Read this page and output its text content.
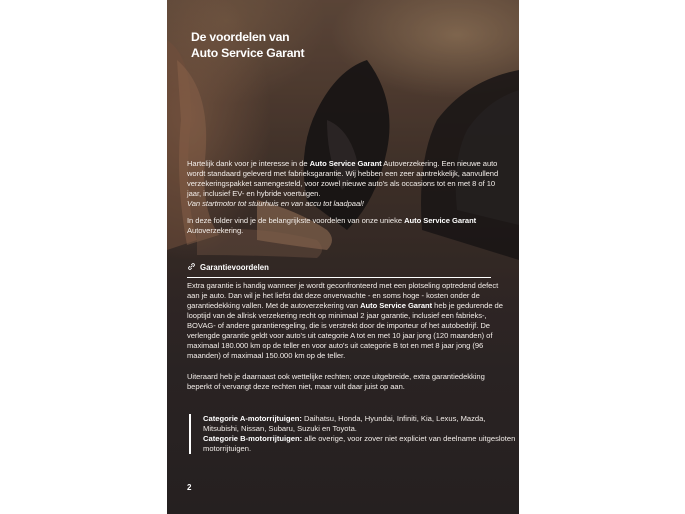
De voordelen van
Auto Service Garant

Hartelijk dank voor je interesse in de Auto Service Garant Autoverzekering. Een nieuwe auto wordt standaard geleverd met fabrieksgarantie. Wij hebben een zeer aantrekkelijk, aanvullend verzekeringspakket samengesteld, voor zowel nieuwe auto's als occasions tot en met 8 of 10 jaar, inclusief EV- en hybride voertuigen.
Van startmotor tot stuurhuis en van accu tot laadpaal!

In deze folder vind je de belangrijkste voordelen van onze unieke Auto Service Garant Autoverzekering.

Garantievoordelen

Extra garantie is handig wanneer je wordt geconfronteerd met een plotseling optredend defect aan je auto. Dan wil je het liefst dat deze onverwachte - en soms hoge - kosten onder de garantiedekking vallen. Met de autoverzekering van Auto Service Garant heb je gedurende de looptijd van de allrisk verzekering recht op minimaal 2 jaar garantie, inclusief een fabrieks-, BOVAG- of andere garantieregeling, die is verstrekt door de importeur of het autobedrijf. De verlengde garantie geldt voor auto's uit categorie A tot en met 10 jaar jong (120 maanden) of maximaal 180.000 km op de teller en voor auto's uit categorie B tot en met 8 jaar jong (96 maanden) of maximaal 150.000 km op de teller.

Uiteraard heb je daarnaast ook wettelijke rechten; onze uitgebreide, extra garantiedekking beperkt of vervangt deze rechten niet, maar vult daar juist op aan.

Categorie A-motorrijtuigen: Daihatsu, Honda, Hyundai, Infiniti, Kia, Lexus, Mazda, Mitsubishi, Nissan, Subaru, Suzuki en Toyota.
Categorie B-motorrijtuigen: alle overige, voor zover niet expliciet van deelname uitgesloten motorrijtuigen.
2
